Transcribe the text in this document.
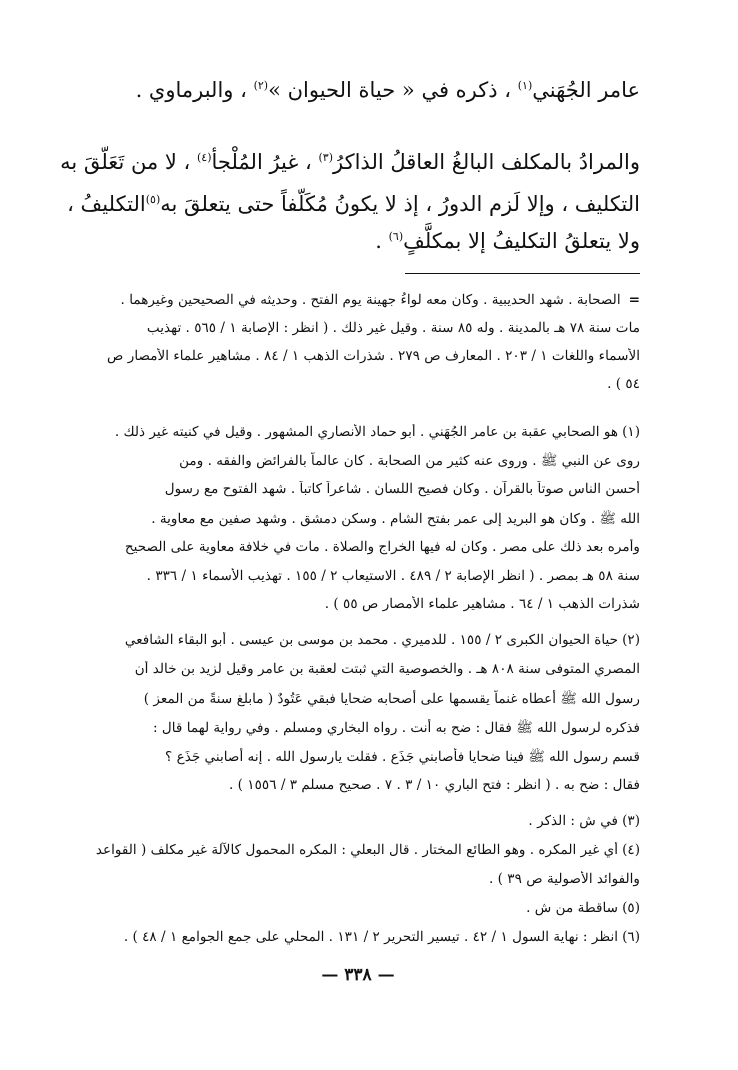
عامر الجُهَني$^{(١)}$ ، ذكره في « حياة الحيوان »$^{(٢)}$ ، والبرماوي .
والمرادُ بالمكلف البالغُ العاقلُ الذاكرُ$^{(٣)}$ ، غيرُ المُلْجأ$^{(٤)}$ ، لا من تَعَلّقَ به
التكليف ، وإلا لَزم الدورُ ، إذ لا يكونُ مُكَلّفاً حتى يتعلقَ به$^{(٥)}$التكليفُ ،
ولا يتعلقُ التكليفُ إلا بمكلَّفٍ$^{(٦)}$ .
=الصحابة . شهد الحديبية . وكان معه لواءُ جهينة يوم الفتح . وحديثه في الصحيحين وغيرهما .
مات سنة ٧٨ هـ بالمدينة . وله ٨٥ سنة . وقيل غير ذلك . ( انظر : الإصابة ١ / ٥٦٥ . تهذيب
الأسماء واللغات ١ / ٢٠٣ . المعارف ص ٢٧٩ . شذرات الذهب ١ / ٨٤ . مشاهير علماء الأمصار ص
٥٤ ) .
(١)هو الصحابي عقبة بن عامر الجُهَني . أبو حماد الأنصاري المشهور . وقيل في كنيته غير ذلك .
روى عن النبي ﷺ . وروى عنه كثير من الصحابة . كان عالماً بالفرائض والفقه . ومن
أحسن الناس صوتاً بالقرآن . وكان فصيح اللسان . شاعراً كاتباً . شهد الفتوح مع رسول
الله ﷺ . وكان هو البريد إلى عمر بفتح الشام . وسكن دمشق . وشهد صفين مع معاوية .
وأمره بعد ذلك على مصر . وكان له فيها الخراج والصلاة . مات في خلافة معاوية على الصحيح
سنة ٥٨ هـ بمصر . ( انظر الإصابة ٢ / ٤٨٩ . الاستيعاب ٢ / ١٥٥ . تهذيب الأسماء ١ / ٣٣٦ .
شذرات الذهب ١ / ٦٤ . مشاهير علماء الأمصار ص ٥٥ ) .
(٢)حياة الحيوان الكبرى ٢ / ١٥٥ . للدميري . محمد بن موسى بن عيسى . أبو البقاء الشافعي
المصري المتوفى سنة ٨٠٨ هـ . والخصوصية التي ثبتت لعقبة بن عامر وقيل لزيد بن خالد أن
رسول الله ﷺ أعطاه غنماً يقسمها على أصحابه ضحايا فبقي عَتُودٌ ( مابلغ سنةً من المعز )
فذكره لرسول الله ﷺ فقال : ضح به أنت . رواه البخاري ومسلم . وفي رواية لهما قال :
قسم رسول الله ﷺ فينا ضحايا فأصابني جَذَع . فقلت يارسول الله . إنه أصابني جَذَع ؟
فقال : ضح به . ( انظر : فتح الباري ١٠ / ٣ . ٧ . صحيح مسلم ٣ / ١٥٥٦ ) .
(٣)في ش : الذكر .
(٤)أي غير المكره . وهو الطائع المختار . قال البعلي : المكره المحمول كالآلة غير مكلف ( القواعد
والفوائد الأصولية ص ٣٩ ) .
(٥)ساقطة من ش .
(٦)انظر : نهاية السول ١ / ٤٢ . تيسير التحرير ٢ / ١٣١ . المحلي على جمع الجوامع ١ / ٤٨ ) .
— ٣٣٨ —
